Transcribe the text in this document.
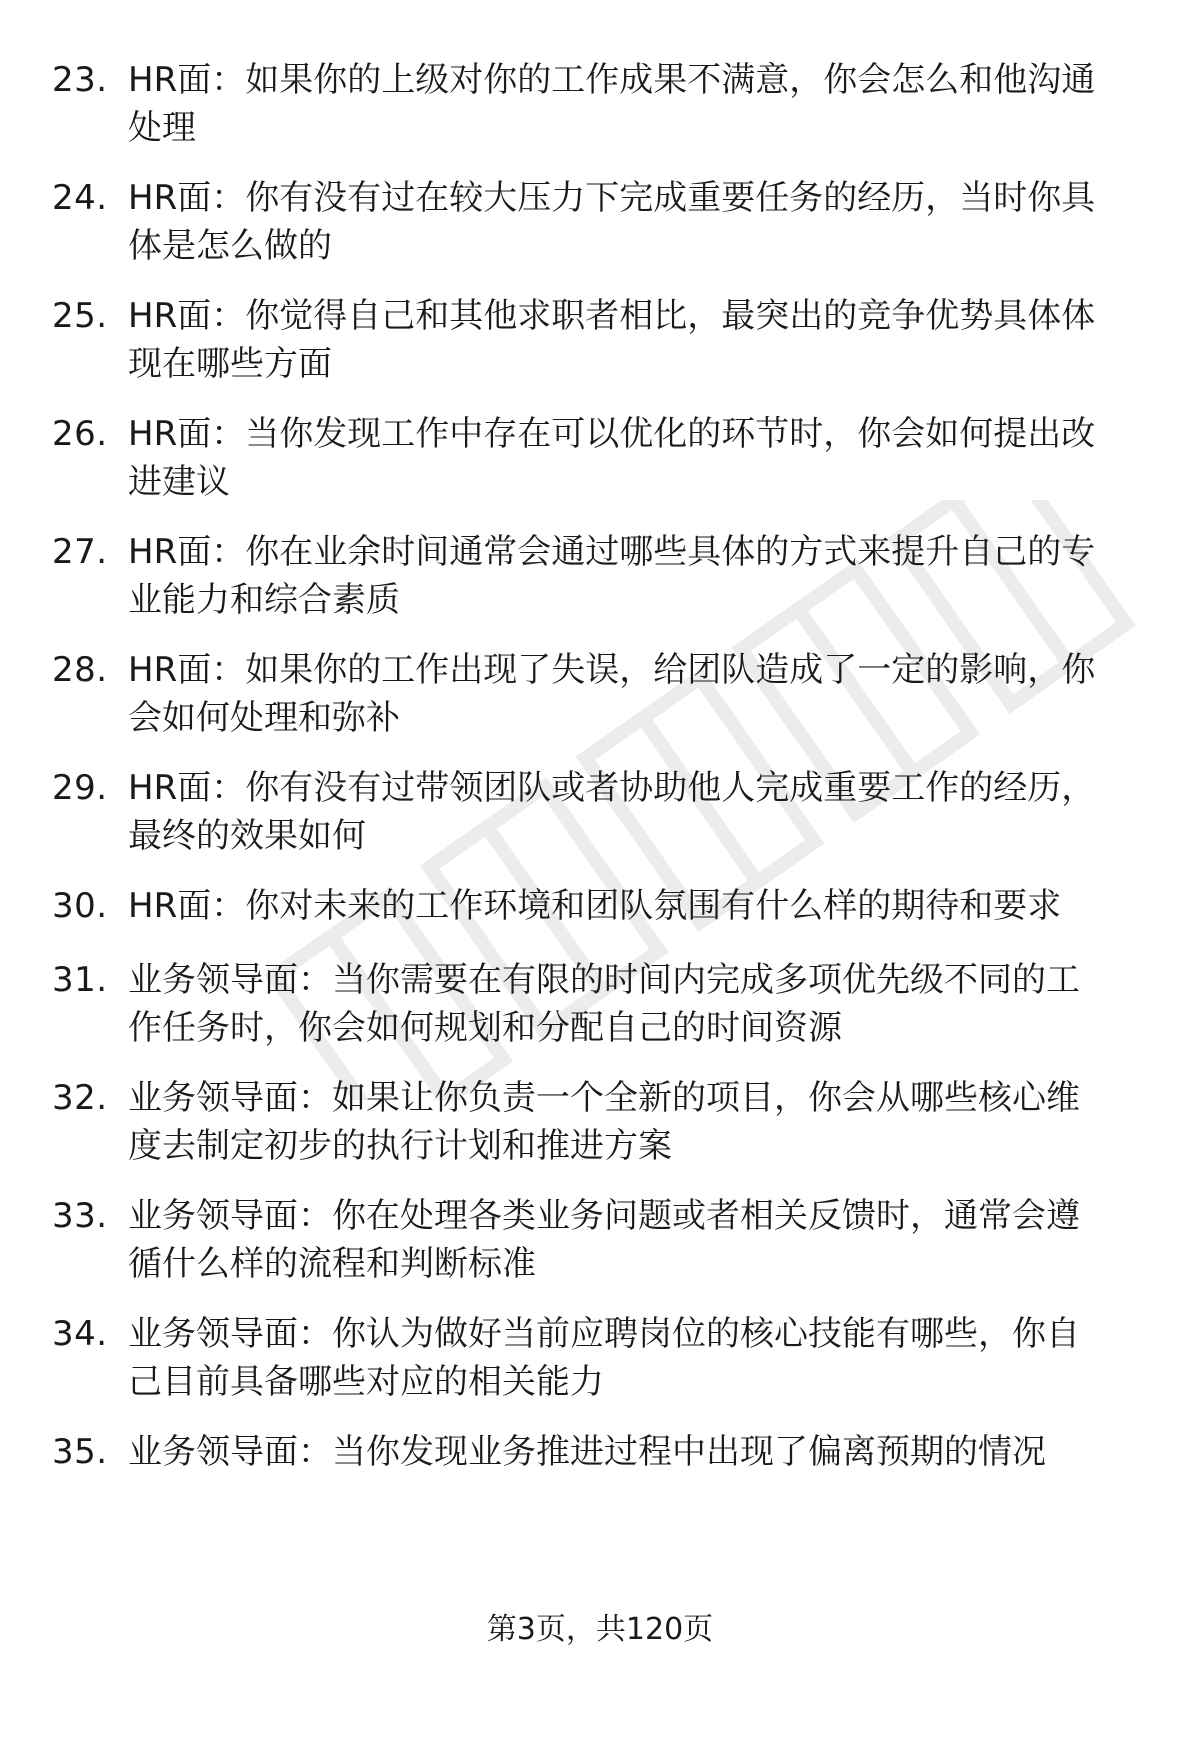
23. HR面：如果你的上级对你的工作成果不满意，你会怎么和他沟通
处理
24. HR面：你有没有过在较大压力下完成重要任务的经历，当时你具
体是怎么做的
25. HR面：你觉得自己和其他求职者相比，最突出的竞争优势具体体
现在哪些方面
26. HR面：当你发现工作中存在可以优化的环节时，你会如何提出改
进建议
27. HR面：你在业余时间通常会通过哪些具体的方式来提升自己的专
业能力和综合素质
28. HR面：如果你的工作出现了失误，给团队造成了一定的影响，你
会如何处理和弥补
29. HR面：你有没有过带领团队或者协助他人完成重要工作的经历，
最终的效果如何
30. HR面：你对未来的工作环境和团队氛围有什么样的期待和要求
31. 业务领导面：当你需要在有限的时间内完成多项优先级不同的工
作任务时，你会如何规划和分配自己的时间资源
32. 业务领导面：如果让你负责一个全新的项目，你会从哪些核心维
度去制定初步的执行计划和推进方案
33. 业务领导面：你在处理各类业务问题或者相关反馈时，通常会遵
循什么样的流程和判断标准
34. 业务领导面：你认为做好当前应聘岗位的核心技能有哪些，你自
己目前具备哪些对应的相关能力
35. 业务领导面：当你发现业务推进过程中出现了偏离预期的情况
第3页，共120页
